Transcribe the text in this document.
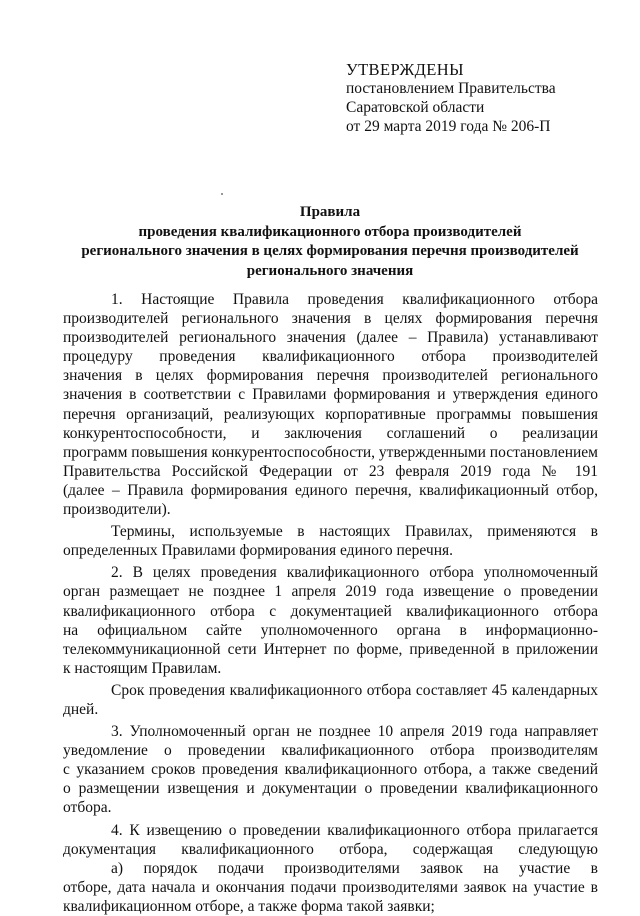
УТВЕРЖДЕНЫ
постановлением Правительства
Саратовской области
от 29 марта 2019 года № 206-П
Правила
проведения квалификационного отбора производителей
регионального значения в целях формирования перечня производителей
регионального значения
1. Настоящие Правила проведения квалификационного отбора
производителей регионального значения в целях формирования перечня
производителей регионального значения (далее – Правила) устанавливают
процедуру проведения квалификационного отбора производителей
значения в целях формирования перечня производителей регионального
значения в соответствии с Правилами формирования и утверждения единого
перечня организаций, реализующих корпоративные программы повышения
конкурентоспособности, и заключения соглашений о реализации
программ повышения конкурентоспособности, утвержденными постановлением
Правительства Российской Федерации от 23 февраля 2019 года № 191
(далее – Правила формирования единого перечня, квалификационный отбор,
производители).
Термины, используемые в настоящих Правилах, применяются в
определенных Правилами формирования единого перечня.
2. В целях проведения квалификационного отбора уполномоченный
орган размещает не позднее 1 апреля 2019 года извещение о проведении
квалификационного отбора с документацией квалификационного отбора
на официальном сайте уполномоченного органа в информационно-
телекоммуникационной сети Интернет по форме, приведенной в приложении
к настоящим Правилам.
Срок проведения квалификационного отбора составляет 45 календарных
дней.
3. Уполномоченный орган не позднее 10 апреля 2019 года направляет
уведомление о проведении квалификационного отбора производителям
с указанием сроков проведения квалификационного отбора, а также сведений
о размещении извещения и документации о проведении квалификационного
отбора.
4. К извещению о проведении квалификационного отбора прилагается
документация квалификационного отбора, содержащая следующую
а) порядок подачи производителями заявок на участие в
отборе, дата начала и окончания подачи производителями заявок на участие в
квалификационном отборе, а также форма такой заявки;
